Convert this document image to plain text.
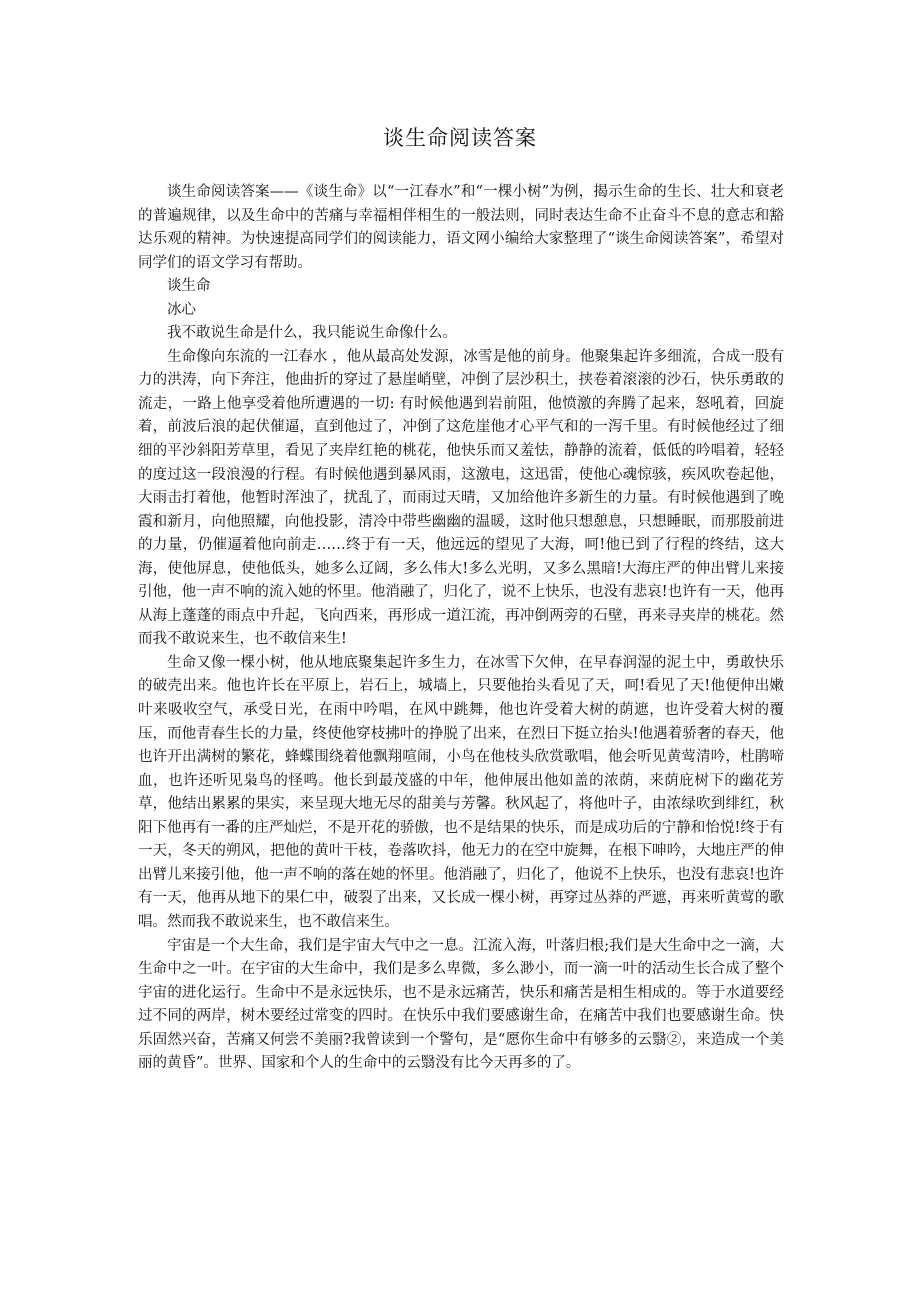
谈生命阅读答案

谈生命阅读答案——《谈生命》以“一江春水”和“一棵小树”为例，揭示生命的生长、壮大和衰老的普遍规律，以及生命中的苦痛与幸福相伴相生的一般法则，同时表达生命不止奋斗不息的意志和豁达乐观的精神。为快速提高同学们的阅读能力，语文网小编给大家整理了“谈生命阅读答案”，希望对同学们的语文学习有帮助。

谈生命

冰心

我不敢说生命是什么，我只能说生命像什么。

生命像向东流的一江春水 ，他从最高处发源，冰雪是他的前身。他聚集起许多细流，合成一股有力的洪涛，向下奔注，他曲折的穿过了悬崖峭壁，冲倒了层沙积土，挟卷着滚滚的沙石，快乐勇敢的流走，一路上他享受着他所遭遇的一切: 有时候他遇到岩前阻，他愤激的奔腾了起来，怒吼着，回旋着，前波后浪的起伏催逼，直到他过了，冲倒了这危崖他才心平气和的一泻千里。有时候他经过了细细的平沙斜阳芳草里，看见了夹岸红艳的桃花，他快乐而又羞怯，静静的流着，低低的吟唱着，轻轻的度过这一段浪漫的行程。有时候他遇到暴风雨，这激电，这迅雷，使他心魂惊骇，疾风吹卷起他，大雨击打着他，他暂时浑浊了，扰乱了，而雨过天晴，又加给他许多新生的力量。有时候他遇到了晚霞和新月，向他照耀，向他投影，清冷中带些幽幽的温暖，这时他只想憩息，只想睡眠，而那股前进的力量，仍催逼着他向前走……终于有一天，他远远的望见了大海，呵!他已到了行程的终结，这大海，使他屏息，使他低头，她多么辽阔，多么伟大!多么光明，又多么黑暗!大海庄严的伸出臂儿来接引他，他一声不响的流入她的怀里。他消融了，归化了，说不上快乐，也没有悲哀!也许有一天，他再从海上蓬蓬的雨点中升起，飞向西来，再形成一道江流，再冲倒两旁的石壁，再来寻夹岸的桃花。然而我不敢说来生，也不敢信来生!

生命又像一棵小树，他从地底聚集起许多生力，在冰雪下欠伸，在早春润湿的泥土中，勇敢快乐的破壳出来。他也许长在平原上，岩石上，城墙上，只要他抬头看见了天，呵!看见了天!他便伸出嫩叶来吸收空气，承受日光，在雨中吟唱，在风中跳舞，他也许受着大树的荫遮，也许受着大树的覆压，而他青春生长的力量，终使他穿枝拂叶的挣脱了出来，在烈日下挺立抬头!他遇着骄奢的春天，他也许开出满树的繁花，蜂蝶围绕着他飘翔喧闹，小鸟在他枝头欣赏歌唱，他会听见黄莺清吟，杜鹃啼血，也许还听见枭鸟的怪鸣。他长到最茂盛的中年，他伸展出他如盖的浓荫，来荫庇树下的幽花芳草，他结出累累的果实，来呈现大地无尽的甜美与芳馨。秋风起了，将他叶子，由浓绿吹到绯红，秋阳下他再有一番的庄严灿烂，不是开花的骄傲，也不是结果的快乐，而是成功后的宁静和怡悦!终于有一天，冬天的朔风，把他的黄叶干枝，卷落吹抖，他无力的在空中旋舞，在根下呻吟，大地庄严的伸出臂儿来接引他，他一声不响的落在她的怀里。他消融了，归化了，他说不上快乐，也没有悲哀!也许有一天，他再从地下的果仁中，破裂了出来，又长成一棵小树，再穿过丛莽的严遮，再来听黄莺的歌唱。然而我不敢说来生，也不敢信来生。

宇宙是一个大生命，我们是宇宙大气中之一息。江流入海，叶落归根;我们是大生命中之一滴，大生命中之一叶。在宇宙的大生命中，我们是多么卑微，多么渺小，而一滴一叶的活动生长合成了整个宇宙的进化运行。生命中不是永远快乐，也不是永远痛苦，快乐和痛苦是相生相成的。等于水道要经过不同的两岸，树木要经过常变的四时。在快乐中我们要感谢生命，在痛苦中我们也要感谢生命。快乐固然兴奋，苦痛又何尝不美丽?我曾读到一个警句，是“愿你生命中有够多的云翳②，来造成一个美丽的黄昏”。世界、国家和个人的生命中的云翳没有比今天再多的了。
